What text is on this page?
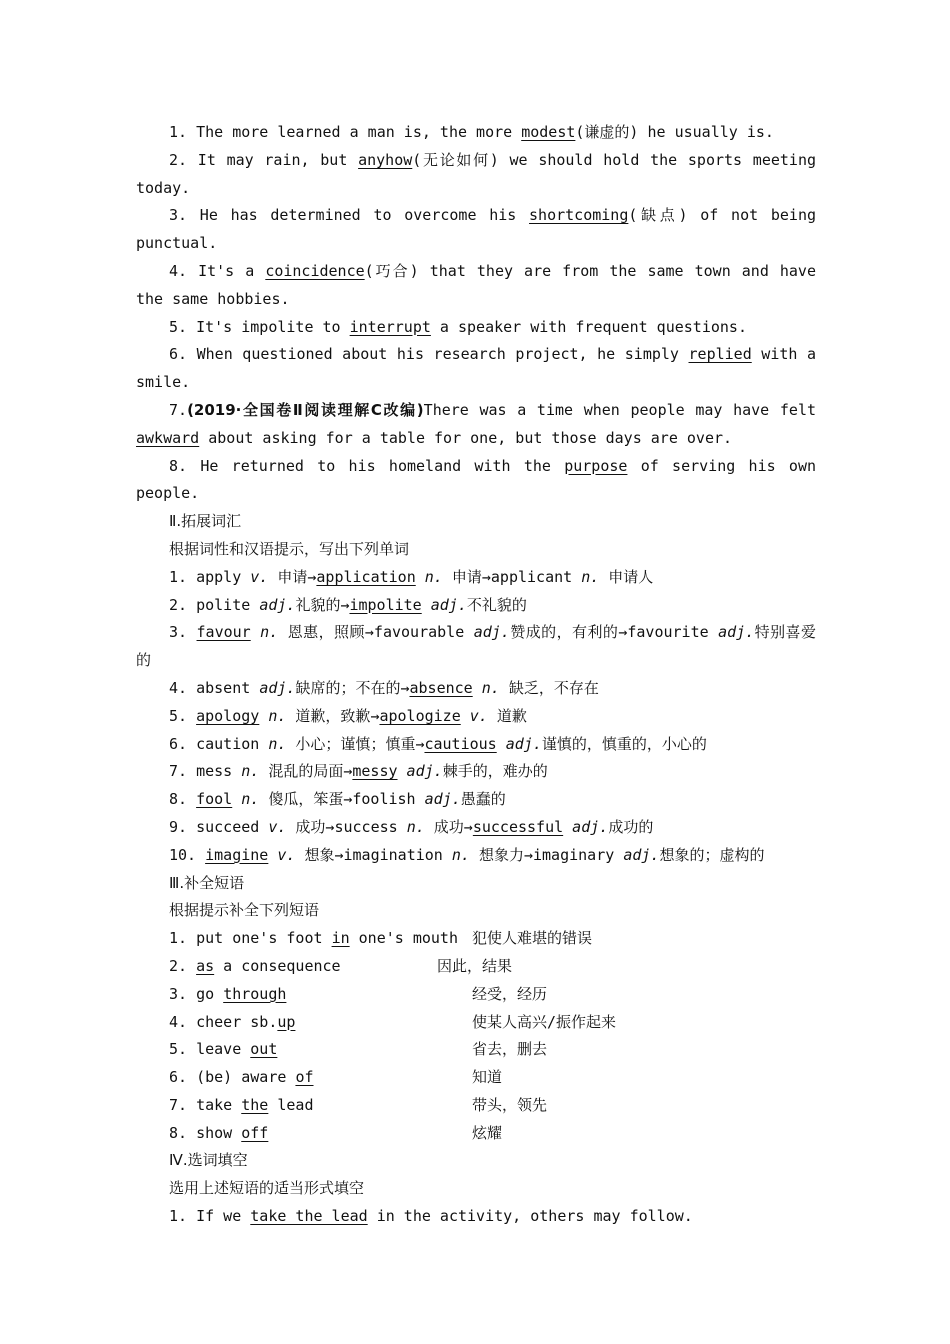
1. The more learned a man is, the more modest(谦虚的) he usually is.

2. It may rain, but anyhow(无论如何) we should hold the sports meeting today.

3. He has determined to overcome his shortcoming(缺点) of not being punctual.

4. It's a coincidence(巧合) that they are from the same town and have the same hobbies.

5. It's impolite to interrupt a speaker with frequent questions.

6. When questioned about his research project, he simply replied with a smile.

7.(2019·全国卷Ⅱ阅读理解C改编)There was a time when people may have felt awkward about asking for a table for one, but those days are over.

8. He returned to his homeland with the purpose of serving his own people.

Ⅱ.拓展词汇

根据词性和汉语提示，写出下列单词

1. apply v. 申请→application n. 申请→applicant n. 申请人

2. polite adj.礼貌的→impolite adj.不礼貌的

3. favour n. 恩惠，照顾→favourable adj.赞成的，有利的→favourite adj.特别喜爱的

4. absent adj.缺席的；不在的→absence n. 缺乏，不存在

5. apology n. 道歉，致歉→apologize v. 道歉

6. caution n. 小心；谨慎；慎重→cautious adj.谨慎的，慎重的，小心的

7. mess n. 混乱的局面→messy adj.棘手的，难办的

8. fool n. 傻瓜，笨蛋→foolish adj.愚蠢的

9. succeed v. 成功→success n. 成功→successful adj.成功的

10. imagine v. 想象→imagination n. 想象力→imaginary adj.想象的；虚构的

Ⅲ.补全短语

根据提示补全下列短语

1. put one's foot in one's mouth 犯使人难堪的错误
2. as a consequence	因此，结果
3. go through	经受，经历
4. cheer sb.up	使某人高兴/振作起来
5. leave out	省去，删去
6. (be) aware of	知道
7. take the lead	带头，领先
8. show off	炫耀

Ⅳ.选词填空

选用上述短语的适当形式填空

1. If we take the lead in the activity, others may follow.
